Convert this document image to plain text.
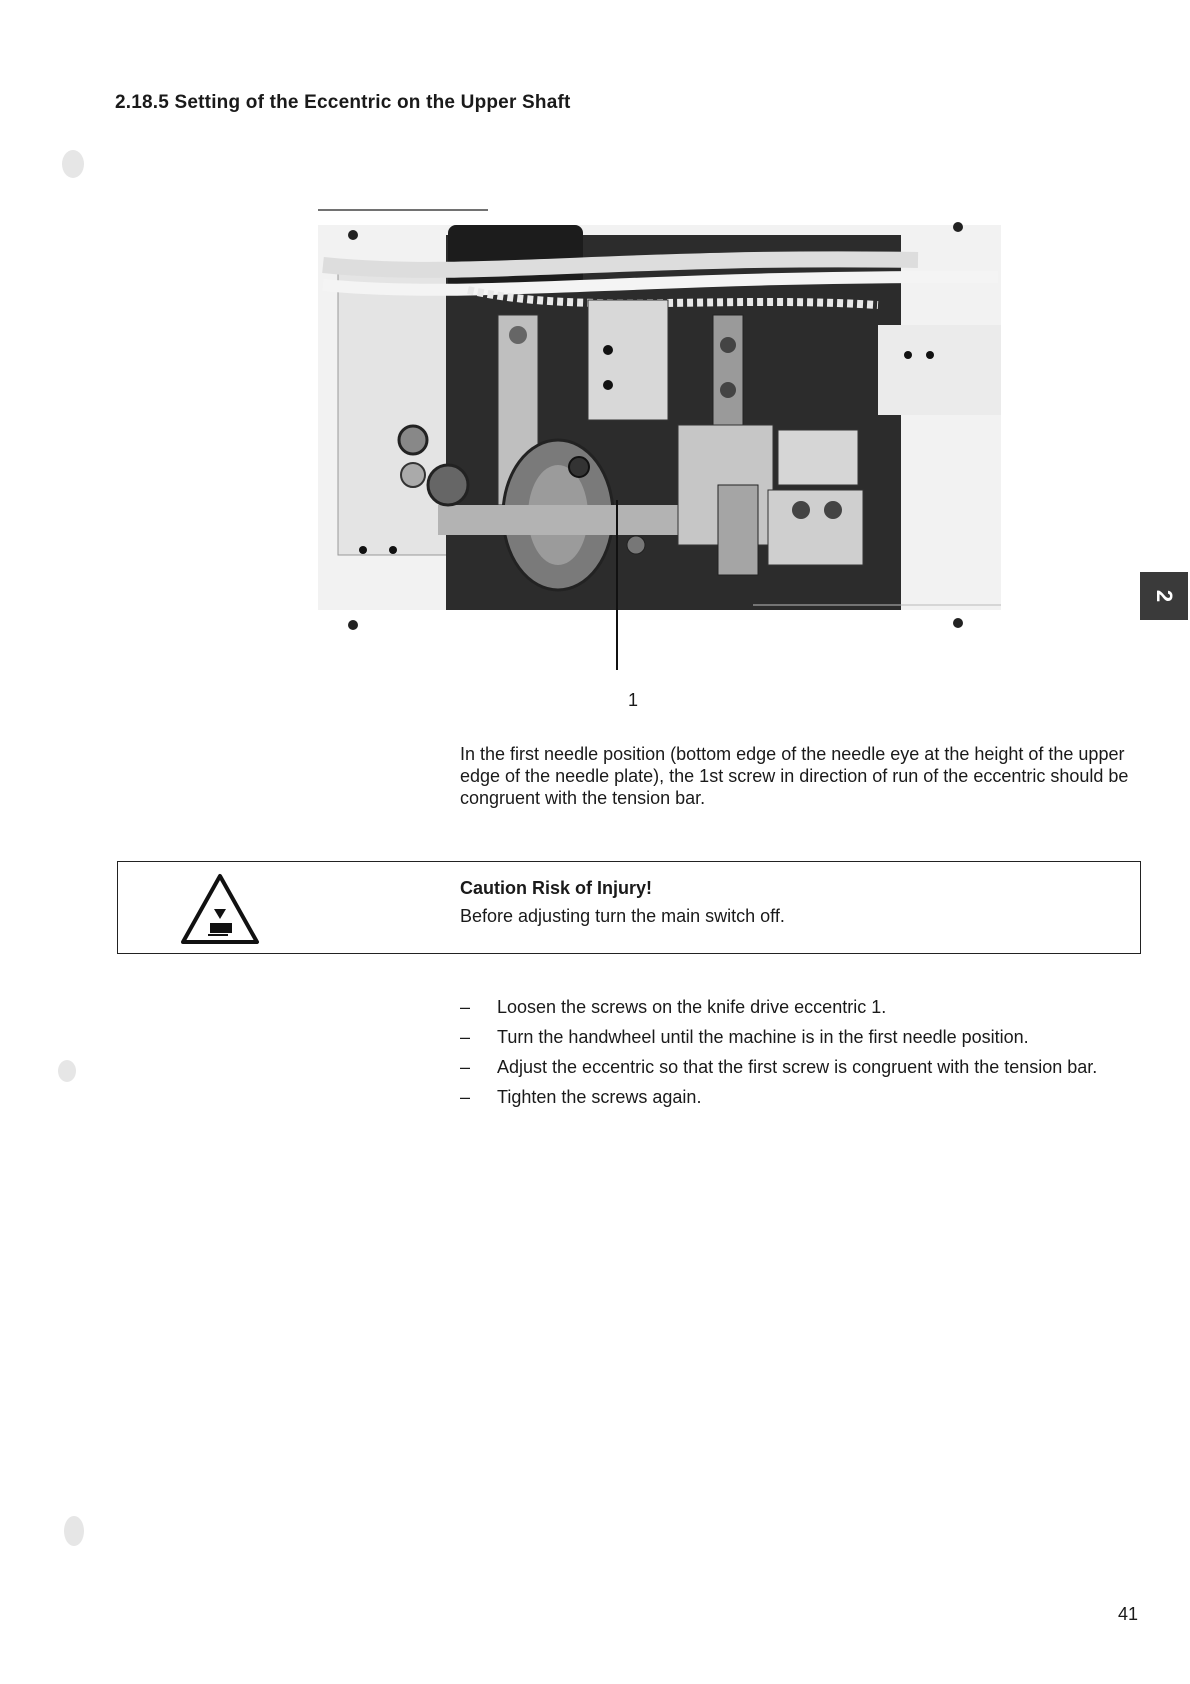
2.18.5 Setting of the Eccentric on the Upper Shaft
1
In the first needle position (bottom edge of the needle eye at the height of the upper edge of the needle plate), the 1st screw in direction of run of the eccentric should be congruent with the tension bar.
Caution Risk of Injury!
Before adjusting turn the main switch off.
– Loosen the screws on the knife drive eccentric 1.
– Turn the handwheel until the machine is in the first needle position.
– Adjust the eccentric so that the first screw is congruent with the tension bar.
– Tighten the screws again.
2
41
